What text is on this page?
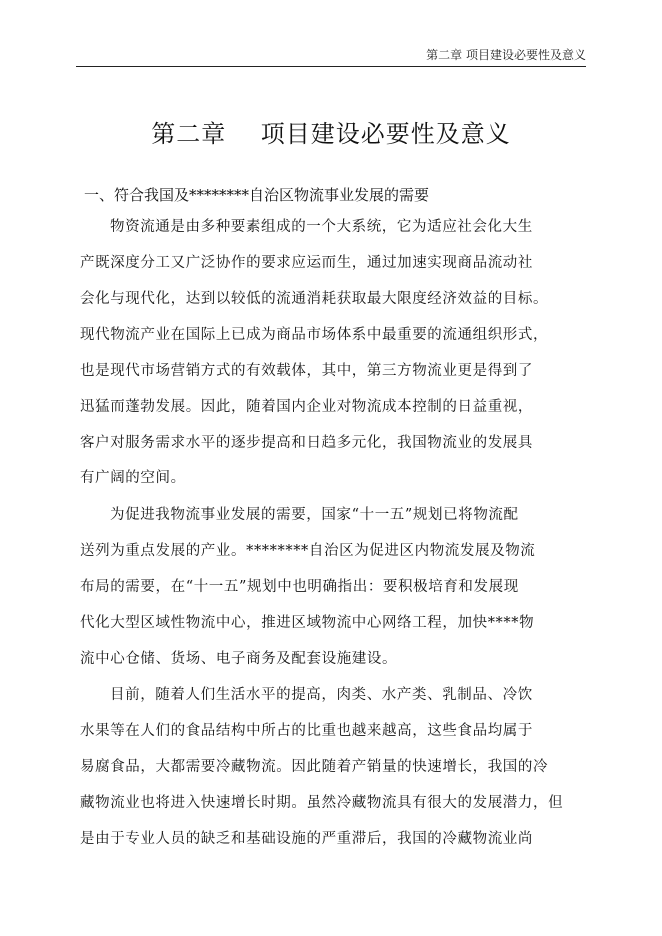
第二章 项目建设必要性及意义
第二章    项目建设必要性及意义
一、符合我国及********自治区物流事业发展的需要
物资流通是由多种要素组成的一个大系统，它为适应社会化大生
产既深度分工又广泛协作的要求应运而生，通过加速实现商品流动社
会化与现代化，达到以较低的流通消耗获取最大限度经济效益的目标。
现代物流产业在国际上已成为商品市场体系中最重要的流通组织形式，
也是现代市场营销方式的有效载体，其中，第三方物流业更是得到了
迅猛而蓬勃发展。因此，随着国内企业对物流成本控制的日益重视，
客户对服务需求水平的逐步提高和日趋多元化，我国物流业的发展具
有广阔的空间。
为促进我物流事业发展的需要，国家“十一五”规划已将物流配
送列为重点发展的产业。********自治区为促进区内物流发展及物流
布局的需要，在“十一五”规划中也明确指出：要积极培育和发展现
代化大型区域性物流中心，推进区域物流中心网络工程，加快****物
流中心仓储、货场、电子商务及配套设施建设。
目前，随着人们生活水平的提高，肉类、水产类、乳制品、冷饮
水果等在人们的食品结构中所占的比重也越来越高，这些食品均属于
易腐食品，大都需要冷藏物流。因此随着产销量的快速增长，我国的冷
藏物流业也将进入快速增长时期。虽然冷藏物流具有很大的发展潜力，但
是由于专业人员的缺乏和基础设施的严重滞后，我国的冷藏物流业尚
